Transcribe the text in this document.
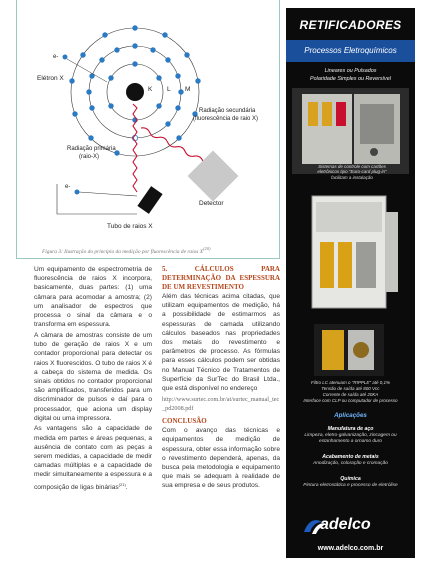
K L M
e-
Elétron X
Radiação secundária (fluorescência de raio X)
Radiação primária (raio-X)
Detector
e-
Tubo de raios X
Figura 3: Ilustração do princípio da medição por fluorescência de raios $X^{(20)}$

Um equipamento de espectrometria de fluorescência de raios X incorpora, basicamente, duas partes: (1) uma câmara para acomodar a amostra; (2) um analisador de espectros que processa o sinal da câmara e o transforma em espessura.

A câmara de amostras consiste de um tubo de geração de raios X e um contador proporcional para detectar os raios X fluorescidos. O tubo de raios X é a cabeça do sistema de medida. Os sinais obtidos no contador proporcional são amplificados, transferidos para um discriminador de pulsos e daí para o processador, que aciona um display digital ou uma impressora.

As vantagens são a capacidade de medida em partes e áreas pequenas, a ausência de contato com as peças a serem medidas, a capacidade de medir camadas múltiplas e a capacidade de medir simultaneamente a espessura e a composição de ligas binárias$^{(21)}$.

5. CÁLCULOS PARA DETERMINAÇÃO DA ESPESSURA DE UM REVESTIMENTO

Além das técnicas acima citadas, que utilizam equipamentos de medição, há a possibilidade de estimarmos as espessuras de camada utilizando cálculos baseados nas propriedades dos metais do revestimento e parâmetros de processo. As fórmulas para esses cálculos podem ser obtidas no Manual Técnico de Tratamentos de Superfície da SurTec do Brasil Ltda., que está disponível no endereço

http://www.surtec.com.br/at/surtec_manual_tec_pd2008.pdf

CONCLUSÃO

Com o avanço das técnicas e equipamentos de medição de espessura, obter essa informação sobre o revestimento dependerá, apenas, da busca pela metodologia e equipamento que mais se adequam à realidade de sua empresa e de seus produtos.

RETIFICADORES
Processos Eletroquímicos
Lineares ou Pulsados
Polaridade Simples ou Reversível
Sistemas de controle com cartões eletrônicos tipo "Euro-card plug-in" facilitam a instalação
Filtro LC atenuam o "RIPPLE" até 0,1%
Tensão de saída até 800 Vcc
Corrente de saída até 20KA
Interface com CLP ou computador de processo
Aplicações
Manufatura de aço
Limpeza, eletro-galvanização, zincagem ou estanhamento a ornamo duro
Acabamento de metais
Anodização, coloração e cromação
Química
Pintura eletrostática e processo de eletrólise
adelco
www.adelco.com.br
